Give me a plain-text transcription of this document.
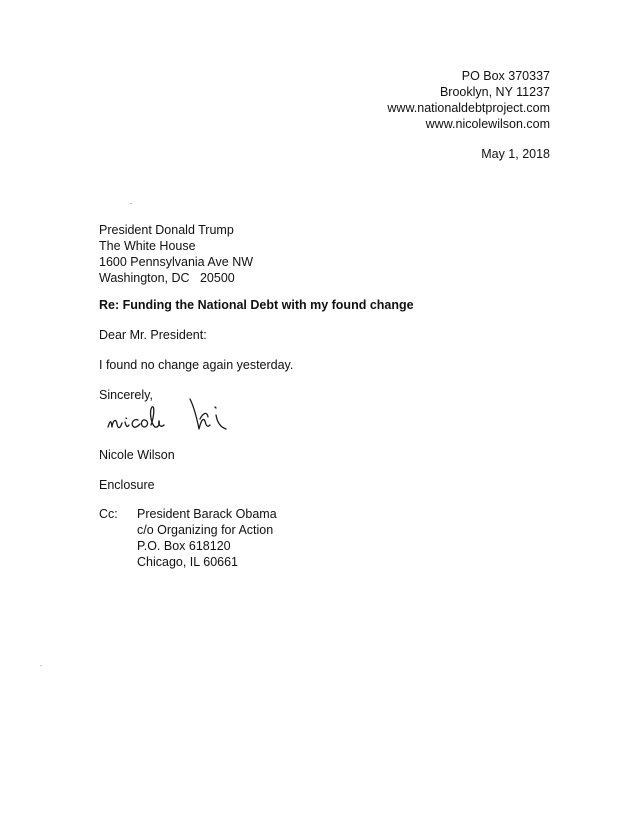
PO Box 370337
Brooklyn, NY 11237
www.nationaldebtproject.com
www.nicolewilson.com
May 1, 2018
President Donald Trump
The White House
1600 Pennsylvania Ave NW
Washington, DC   20500
Re: Funding the National Debt with my found change
Dear Mr. President:
I found no change again yesterday.
Sincerely,
Nicole Wilson
Enclosure
Cc: President Barack Obama
c/o Organizing for Action
P.O. Box 618120
Chicago, IL 60661
